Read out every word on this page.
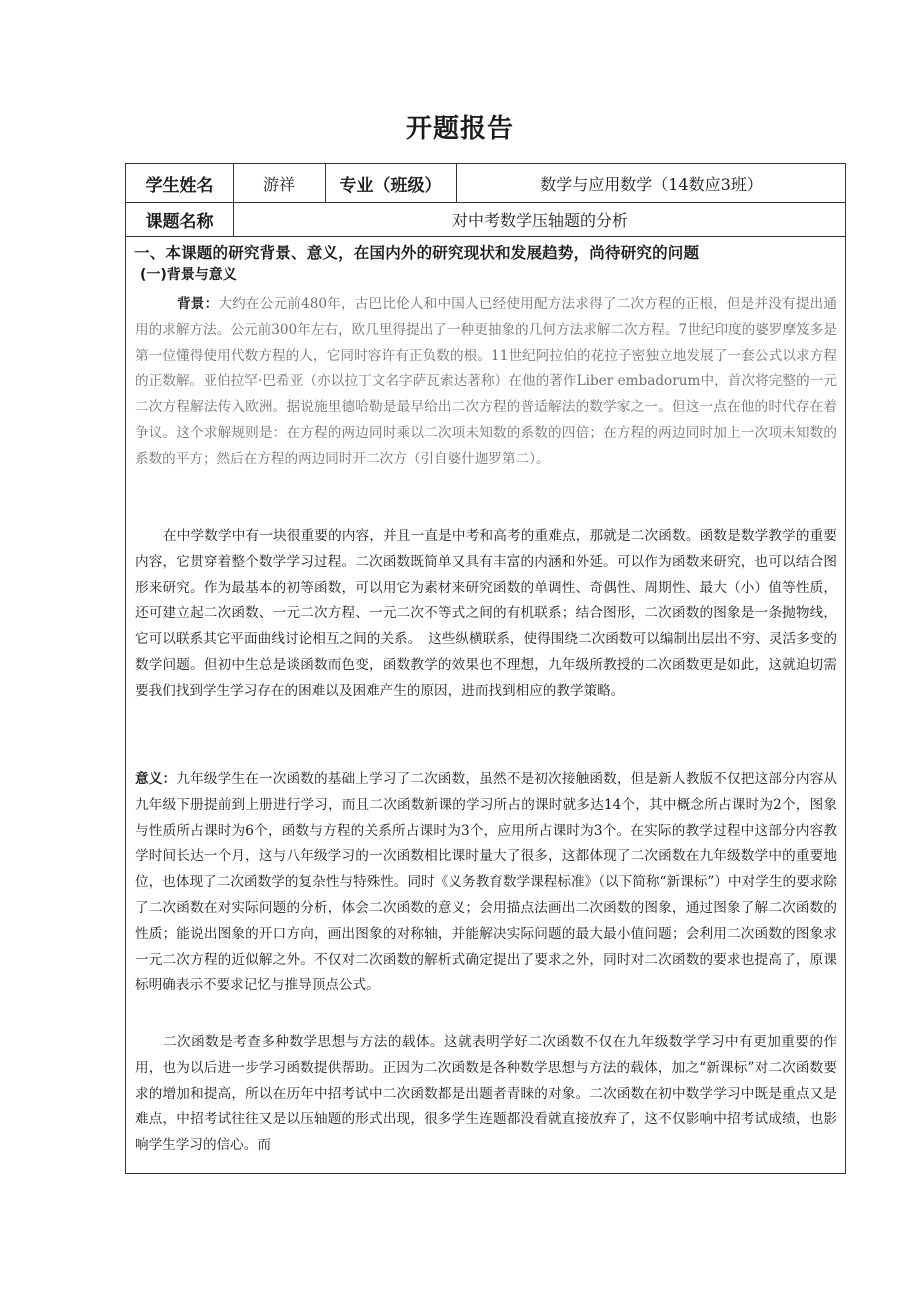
开题报告
学生姓名	游祥	专业（班级）	数学与应用数学（14数应3班）
课题名称	对中考数学压轴题的分析
一、本课题的研究背景、意义，在国内外的研究现状和发展趋势，尚待研究的问题
(一)背景与意义

背景：大约在公元前480年，古巴比伦人和中国人已经使用配方法求得了二次方程的正根，但是并没有提出通用的求解方法。公元前300年左右，欧几里得提出了一种更抽象的几何方法求解二次方程。7世纪印度的婆罗摩笈多是第一位懂得使用代数方程的人，它同时容许有正负数的根。11世纪阿拉伯的花拉子密独立地发展了一套公式以求方程的正数解。亚伯拉罕·巴希亚（亦以拉丁文名字萨瓦索达著称）在他的著作Liber embadorum中，首次将完整的一元二次方程解法传入欧洲。据说施里德哈勒是最早给出二次方程的普适解法的数学家之一。但这一点在他的时代存在着争议。这个求解规则是：在方程的两边同时乘以二次项未知数的系数的四倍；在方程的两边同时加上一次项未知数的系数的平方；然后在方程的两边同时开二次方（引自婆什迦罗第二）。

在中学数学中有一块很重要的内容，并且一直是中考和高考的重难点，那就是二次函数。函数是数学教学的重要内容，它贯穿着整个数学学习过程。二次函数既简单又具有丰富的内涵和外延。可以作为函数来研究，也可以结合图形来研究。作为最基本的初等函数，可以用它为素材来研究函数的单调性、奇偶性、周期性、最大（小）值等性质，还可建立起二次函数、一元二次方程、一元二次不等式之间的有机联系；结合图形，二次函数的图象是一条抛物线，它可以联系其它平面曲线讨论相互之间的关系。　这些纵横联系，使得围绕二次函数可以编制出层出不穷、灵活多变的数学问题。但初中生总是谈函数而色变，函数教学的效果也不理想，九年级所教授的二次函数更是如此，这就迫切需要我们找到学生学习存在的困难以及困难产生的原因，进而找到相应的教学策略。

意义：九年级学生在一次函数的基础上学习了二次函数，虽然不是初次接触函数，但是新人教版不仅把这部分内容从九年级下册提前到上册进行学习，而且二次函数新课的学习所占的课时就多达14个，其中概念所占课时为2个，图象与性质所占课时为6个，函数与方程的关系所占课时为3个，应用所占课时为3个。在实际的教学过程中这部分内容教学时间长达一个月，这与八年级学习的一次函数相比课时量大了很多，这都体现了二次函数在九年级数学中的重要地位，也体现了二次函数学的复杂性与特殊性。同时《义务教育数学课程标准》（以下简称“新课标”）中对学生的要求除了二次函数在对实际问题的分析，体会二次函数的意义；会用描点法画出二次函数的图象，通过图象了解二次函数的性质；能说出图象的开口方向，画出图象的对称轴，并能解决实际问题的最大最小值问题；会利用二次函数的图象求一元二次方程的近似解之外。不仅对二次函数的解析式确定提出了要求之外，同时对二次函数的要求也提高了，原课标明确表示不要求记忆与推导顶点公式。

二次函数是考查多种数学思想与方法的载体。这就表明学好二次函数不仅在九年级数学学习中有更加重要的作用，也为以后进一步学习函数提供帮助。正因为二次函数是各种数学思想与方法的载体，加之“新课标”对二次函数要求的增加和提高，所以在历年中招考试中二次函数都是出题者青睐的对象。二次函数在初中数学学习中既是重点又是难点，中招考试往往又是以压轴题的形式出现，很多学生连题都没看就直接放弃了，这不仅影响中招考试成绩，也影响学生学习的信心。而
